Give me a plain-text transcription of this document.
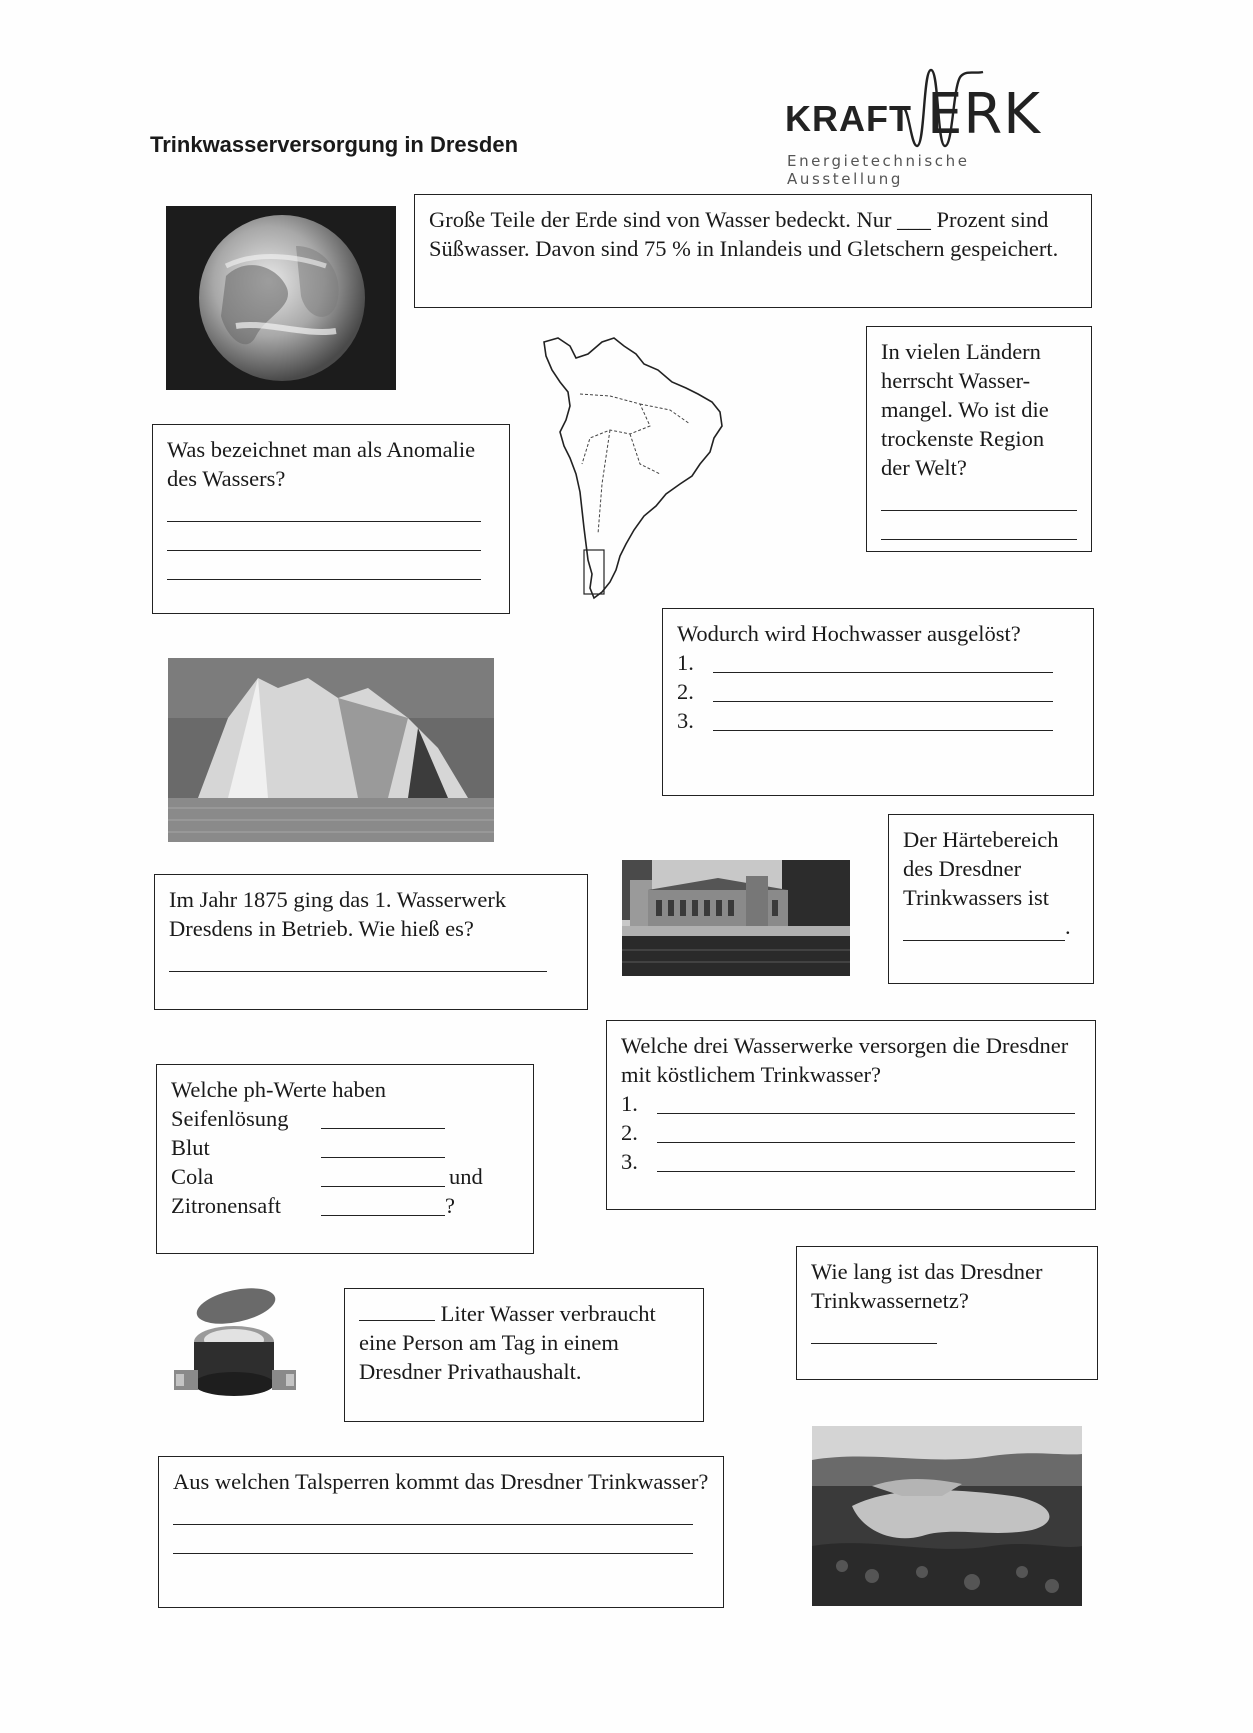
Trinkwasserversorgung in Dresden
KRAFT ERK
Energietechnische Ausstellung

Große Teile der Erde sind von Wasser bedeckt. Nur ___ Prozent sind Süßwasser. Davon sind 75 % in Inlandeis und Gletschern gespeichert.

In vielen Ländern herrscht Wasser-mangel. Wo ist die trockenste Region der Welt?

Was bezeichnet man als Anomalie des Wassers?

Wodurch wird Hochwasser ausgelöst?

1.
2.
3.

Der Härtebereich des Dresdner Trinkwassers ist

.

Im Jahr 1875 ging das 1. Wasserwerk Dresdens in Betrieb. Wie hieß es?

Welche drei Wasserwerke versorgen die Dresdner mit köstlichem Trinkwasser?

1.
2.
3.

Welche ph-Werte haben

Seifenlösung
Blut
Cola	und
Zitronensaft	?

Wie lang ist das Dresdner Trinkwassernetz?

Liter Wasser verbraucht eine Person am Tag in einem Dresdner Privathaushalt.

Aus welchen Talsperren kommt das Dresdner Trinkwasser?
